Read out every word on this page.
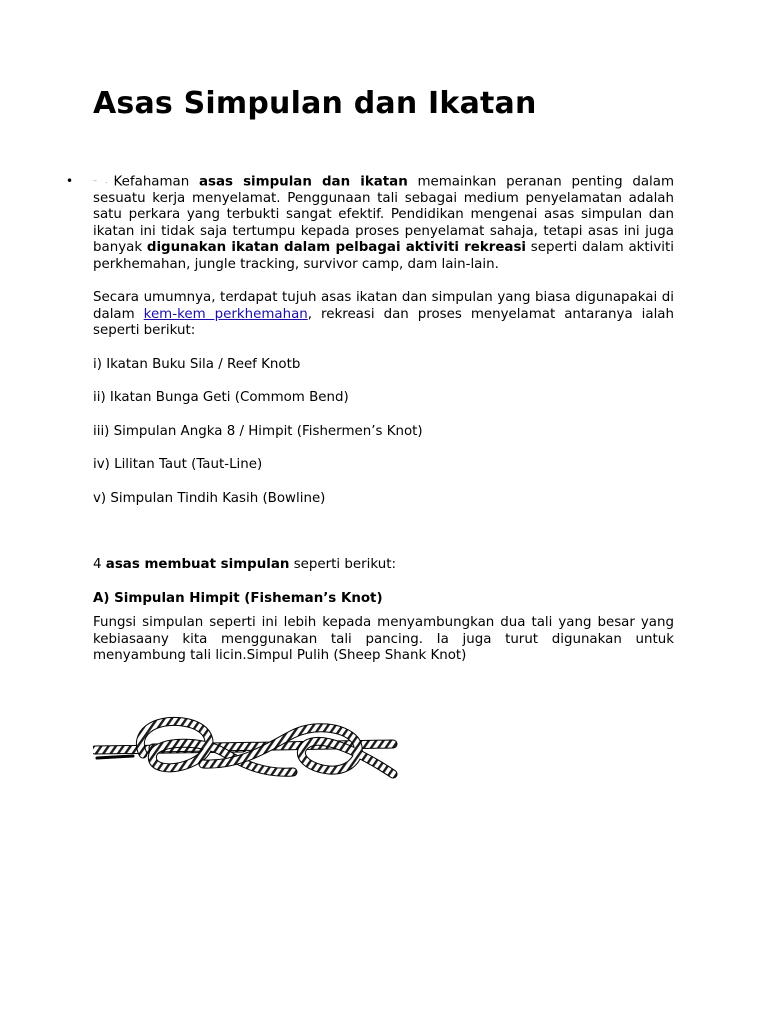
Asas Simpulan dan Ikatan
• – . Kefahaman asas simpulan dan ikatan memainkan peranan penting dalam sesuatu kerja menyelamat. Penggunaan tali sebagai medium penyelamatan adalah satu perkara yang terbukti sangat efektif. Pendidikan mengenai asas simpulan dan ikatan ini tidak saja tertumpu kepada proses penyelamat sahaja, tetapi asas ini juga banyak digunakan ikatan dalam pelbagai aktiviti rekreasi seperti dalam aktiviti perkhemahan, jungle tracking, survivor camp, dam lain-lain.

Secara umumnya, terdapat tujuh asas ikatan dan simpulan yang biasa digunapakai di dalam kem-kem perkhemahan, rekreasi dan proses menyelamat antaranya ialah seperti berikut:

i) Ikatan Buku Sila / Reef Knotb

ii) Ikatan Bunga Geti (Commom Bend)

iii) Simpulan Angka 8 / Himpit (Fishermen’s Knot)

iv) Lilitan Taut (Taut-Line)

v) Simpulan Tindih Kasih (Bowline)

4 asas membuat simpulan seperti berikut:

A) Simpulan Himpit (Fisheman’s Knot)

Fungsi simpulan seperti ini lebih kepada menyambungkan dua tali yang besar yang kebiasaany kita menggunakan tali pancing. Ia juga turut digunakan untuk menyambung tali licin.Simpul Pulih (Sheep Shank Knot)
